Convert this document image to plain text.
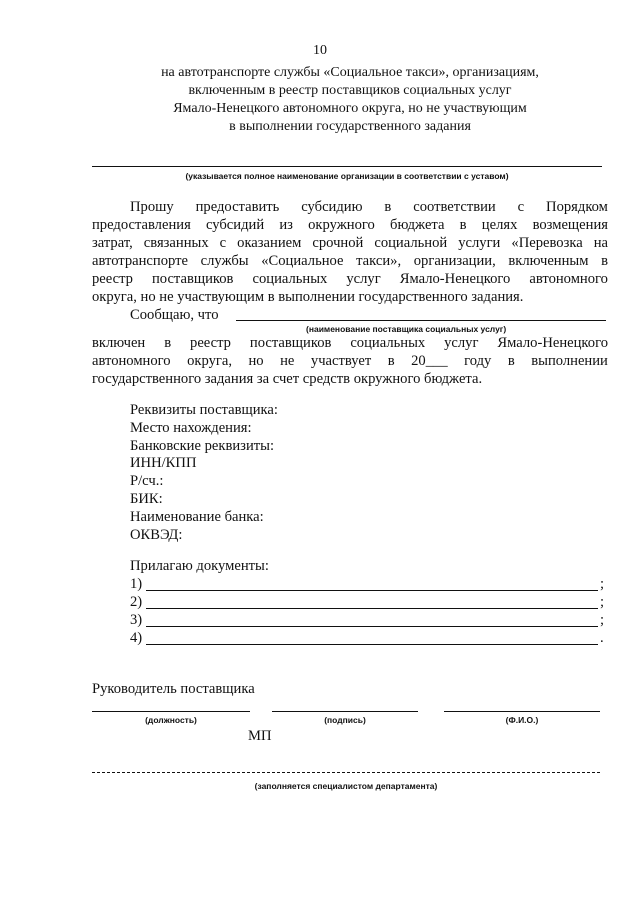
10
на автотранспорте службы «Социальное такси», организациям,
включенным в реестр поставщиков социальных услуг
Ямало-Ненецкого автономного округа, но не участвующим
в выполнении государственного задания
(указывается полное наименование организации в соответствии с уставом)
Прошу предоставить субсидию в соответствии с Порядком
предоставления субсидий из окружного бюджета в целях возмещения
затрат, связанных с оказанием срочной социальной услуги «Перевозка на
автотранспорте службы «Социальное такси», организации, включенным в
реестр поставщиков социальных услуг Ямало-Ненецкого автономного
округа, но не участвующим в выполнении государственного задания.
Сообщаю, что
(наименование поставщика социальных услуг)
включен в реестр поставщиков социальных услуг Ямало-Ненецкого
автономного округа, но не участвует в 20___ году в выполнении
государственного задания за счет средств окружного бюджета.
Реквизиты поставщика:
Место нахождения:
Банковские реквизиты:
ИНН/КПП
Р/сч.:
БИК:
Наименование банка:
ОКВЭД:
Прилагаю документы:
1)	;
2)	;
3)	;
4)	.
Руководитель поставщика
(должность)	(подпись)	(Ф.И.О.)
МП
(заполняется специалистом департамента)
